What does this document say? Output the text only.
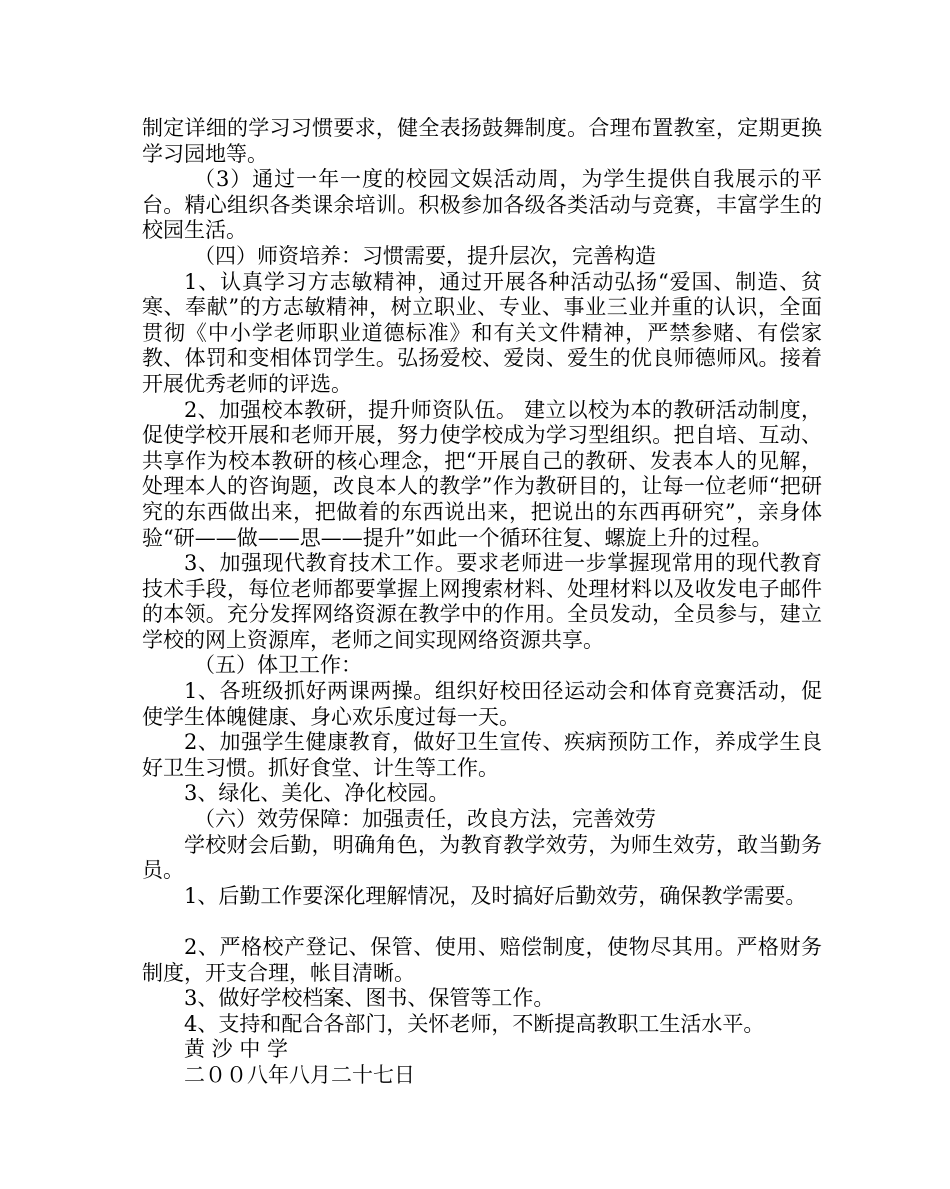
制定详细的学习习惯要求，健全表扬鼓舞制度。合理布置教室，定期更换学习园地等。

（3）通过一年一度的校园文娱活动周，为学生提供自我展示的平台。精心组织各类课余培训。积极参加各级各类活动与竞赛，丰富学生的校园生活。

（四）师资培养：习惯需要，提升层次，完善构造

1、认真学习方志敏精神，通过开展各种活动弘扬“爱国、制造、贫寒、奉献”的方志敏精神，树立职业、专业、事业三业并重的认识，全面贯彻《中小学老师职业道德标准》和有关文件精神，严禁参赌、有偿家教、体罚和变相体罚学生。弘扬爱校、爱岗、爱生的优良师德师风。接着开展优秀老师的评选。

2、加强校本教研，提升师资队伍。 建立以校为本的教研活动制度，促使学校开展和老师开展，努力使学校成为学习型组织。把自培、互动、共享作为校本教研的核心理念，把“开展自己的教研、发表本人的见解，处理本人的咨询题，改良本人的教学”作为教研目的，让每一位老师“把研究的东西做出来，把做着的东西说出来，把说出的东西再研究”，亲身体验“研——做——思——提升”如此一个循环往复、螺旋上升的过程。

3、加强现代教育技术工作。要求老师进一步掌握现常用的现代教育技术手段，每位老师都要掌握上网搜索材料、处理材料以及收发电子邮件的本领。充分发挥网络资源在教学中的作用。全员发动，全员参与，建立学校的网上资源库，老师之间实现网络资源共享。

（五）体卫工作：

1、各班级抓好两课两操。组织好校田径运动会和体育竞赛活动，促使学生体魄健康、身心欢乐度过每一天。

2、加强学生健康教育，做好卫生宣传、疾病预防工作，养成学生良好卫生习惯。抓好食堂、计生等工作。

3、绿化、美化、净化校园。

（六）效劳保障：加强责任，改良方法，完善效劳

学校财会后勤，明确角色，为教育教学效劳，为师生效劳，敢当勤务员。

1、后勤工作要深化理解情况，及时搞好后勤效劳，确保教学需要。

2、严格校产登记、保管、使用、赔偿制度，使物尽其用。严格财务制度，开支合理，帐目清晰。

3、做好学校档案、图书、保管等工作。

4、支持和配合各部门，关怀老师，不断提高教职工生活水平。

黄 沙 中 学

二００八年八月二十七日
